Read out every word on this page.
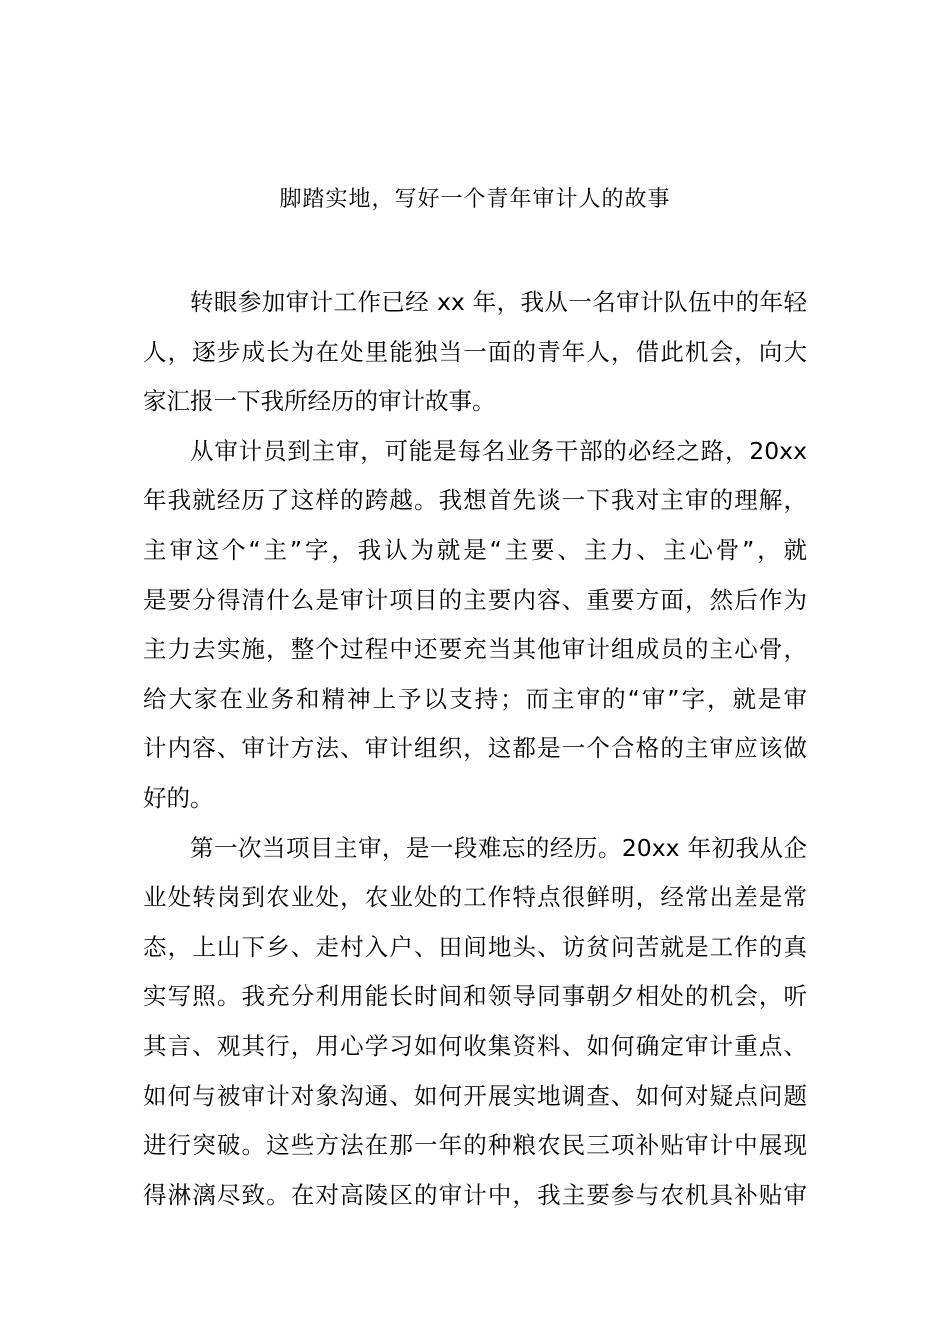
脚踏实地，写好一个青年审计人的故事
转眼参加审计工作已经 xx 年，我从一名审计队伍中的年轻
人，逐步成长为在处里能独当一面的青年人，借此机会，向大
家汇报一下我所经历的审计故事。
从审计员到主审，可能是每名业务干部的必经之路，20xx
年我就经历了这样的跨越。我想首先谈一下我对主审的理解，
主审这个“主”字，我认为就是“主要、主力、主心骨”，就
是要分得清什么是审计项目的主要内容、重要方面，然后作为
主力去实施，整个过程中还要充当其他审计组成员的主心骨，
给大家在业务和精神上予以支持；而主审的“审”字，就是审
计内容、审计方法、审计组织，这都是一个合格的主审应该做
好的。
第一次当项目主审，是一段难忘的经历。20xx 年初我从企
业处转岗到农业处，农业处的工作特点很鲜明，经常出差是常
态，上山下乡、走村入户、田间地头、访贫问苦就是工作的真
实写照。我充分利用能长时间和领导同事朝夕相处的机会，听
其言、观其行，用心学习如何收集资料、如何确定审计重点、
如何与被审计对象沟通、如何开展实地调查、如何对疑点问题
进行突破。这些方法在那一年的种粮农民三项补贴审计中展现
得淋漓尽致。在对高陵区的审计中，我主要参与农机具补贴审
